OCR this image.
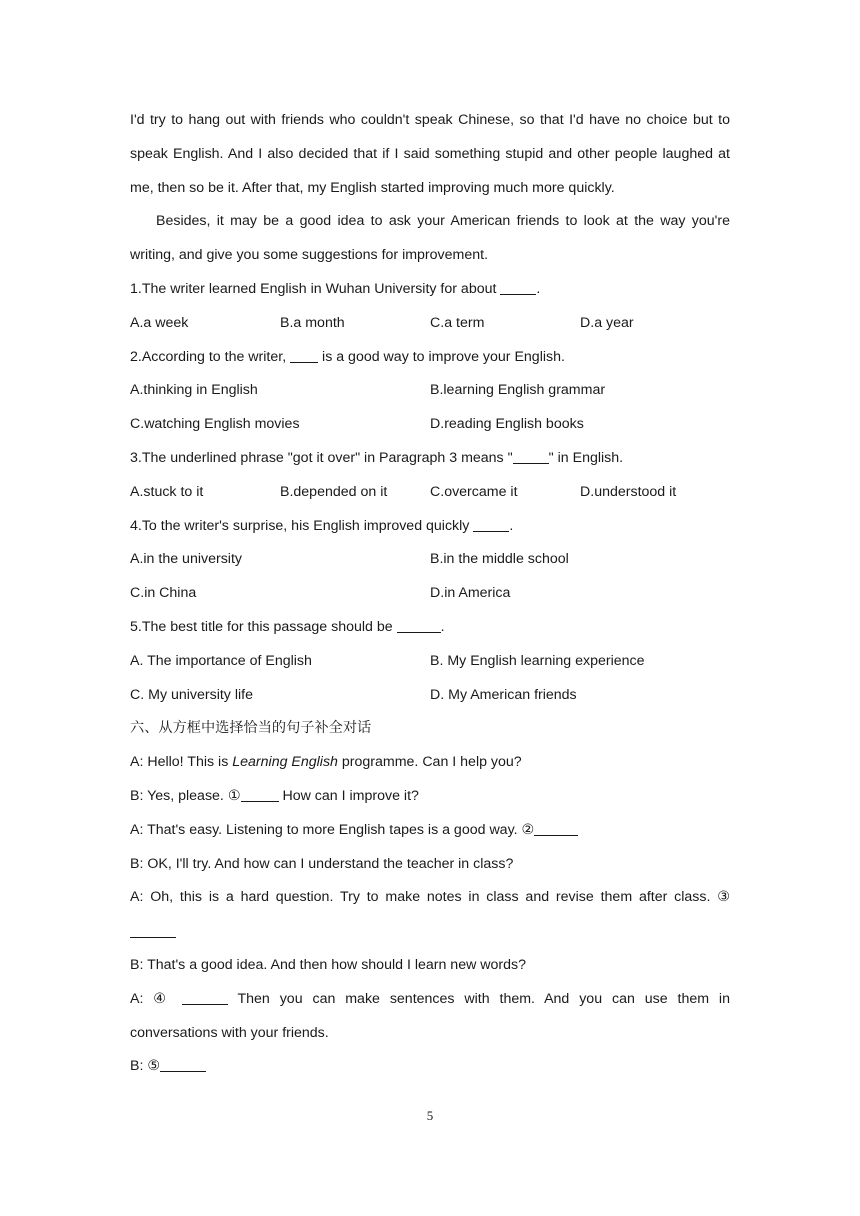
I'd try to hang out with friends who couldn't speak Chinese, so that I'd have no choice but to
speak English. And I also decided that if I said something stupid and other people laughed at
me, then so be it. After that, my English started improving much more quickly.
Besides, it may be a good idea to ask your American friends to look at the way you're
writing, and give you some suggestions for improvement.
1.The writer learned English in Wuhan University for about	.
A.a week	B.a month	C.a term	D.a year
2.According to the writer,  is a good way to improve your English.
A.thinking in English	B.learning English grammar
C.watching English movies	D.reading English books
3.The underlined phrase "got it over" in Paragraph 3 means "	" in English.
A.stuck to it	B.depended on it	C.overcame it	D.understood it
4.To the writer's surprise, his English improved quickly	.
A.in the university	B.in the middle school
C.in China	D.in America
5.The best title for this passage should be	.
A. The importance of English	B. My English learning experience
C. My university life	D. My American friends
六、从方框中选择恰当的句子补全对话
A: Hello! This is Learning English programme. Can I help you?
B: Yes, please. ①	How can I improve it?
A: That's easy. Listening to more English tapes is a good way. ②
B: OK, I'll try. And how can I understand the teacher in class?
A: Oh, this is a hard question. Try to make notes in class and revise them after class. ③
B: That's a good idea. And then how should I learn new words?
A: ④	Then you can make sentences with them. And you can use them in
conversations with your friends.
B: ⑤
5
